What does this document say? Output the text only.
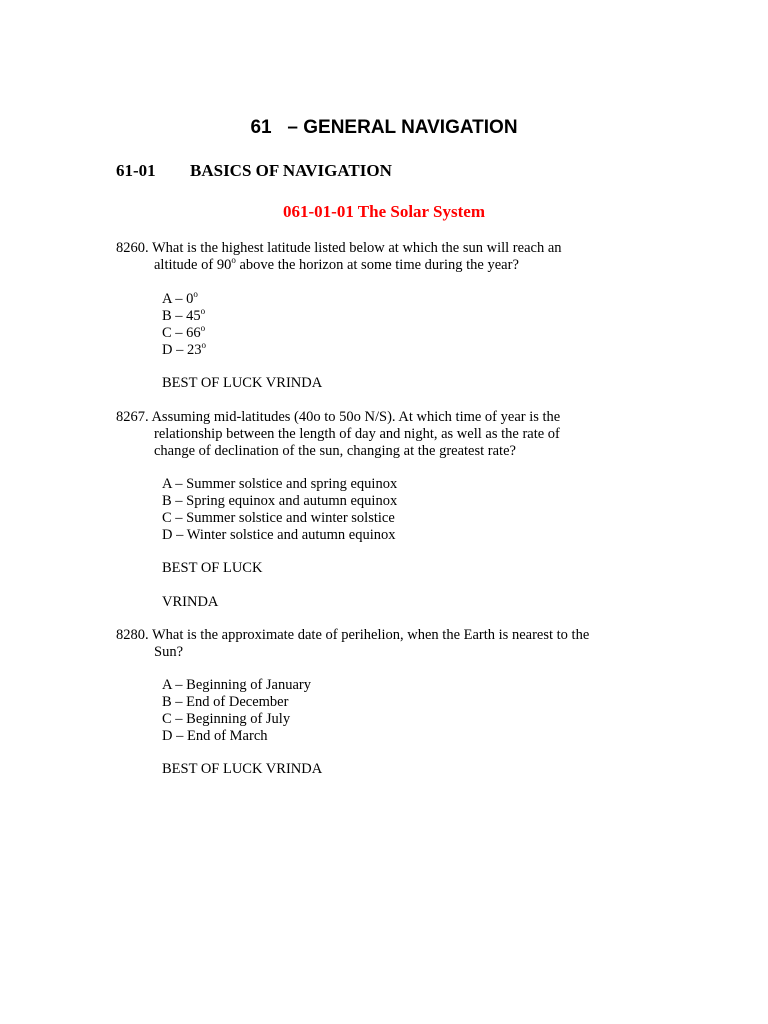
61   – GENERAL NAVIGATION
61-01 BASICS OF NAVIGATION
061-01-01 The Solar System
8260. What is the highest latitude listed below at which the sun will reach an
altitude of 90$^o$ above the horizon at some time during the year?
A – 0$^o$
B – 45$^o$
C – 66$^o$
D – 23$^o$
BEST OF LUCK VRINDA
8267. Assuming mid-latitudes (40o to 50o N/S). At which time of year is the
relationship between the length of day and night, as well as the rate of
change of declination of the sun, changing at the greatest rate?
A – Summer solstice and spring equinox
B – Spring equinox and autumn equinox
C – Summer solstice and winter solstice
D – Winter solstice and autumn equinox
BEST OF LUCK
VRINDA
8280. What is the approximate date of perihelion, when the Earth is nearest to the
Sun?
A – Beginning of January
B – End of December
C – Beginning of July
D – End of March
BEST OF LUCK VRINDA
